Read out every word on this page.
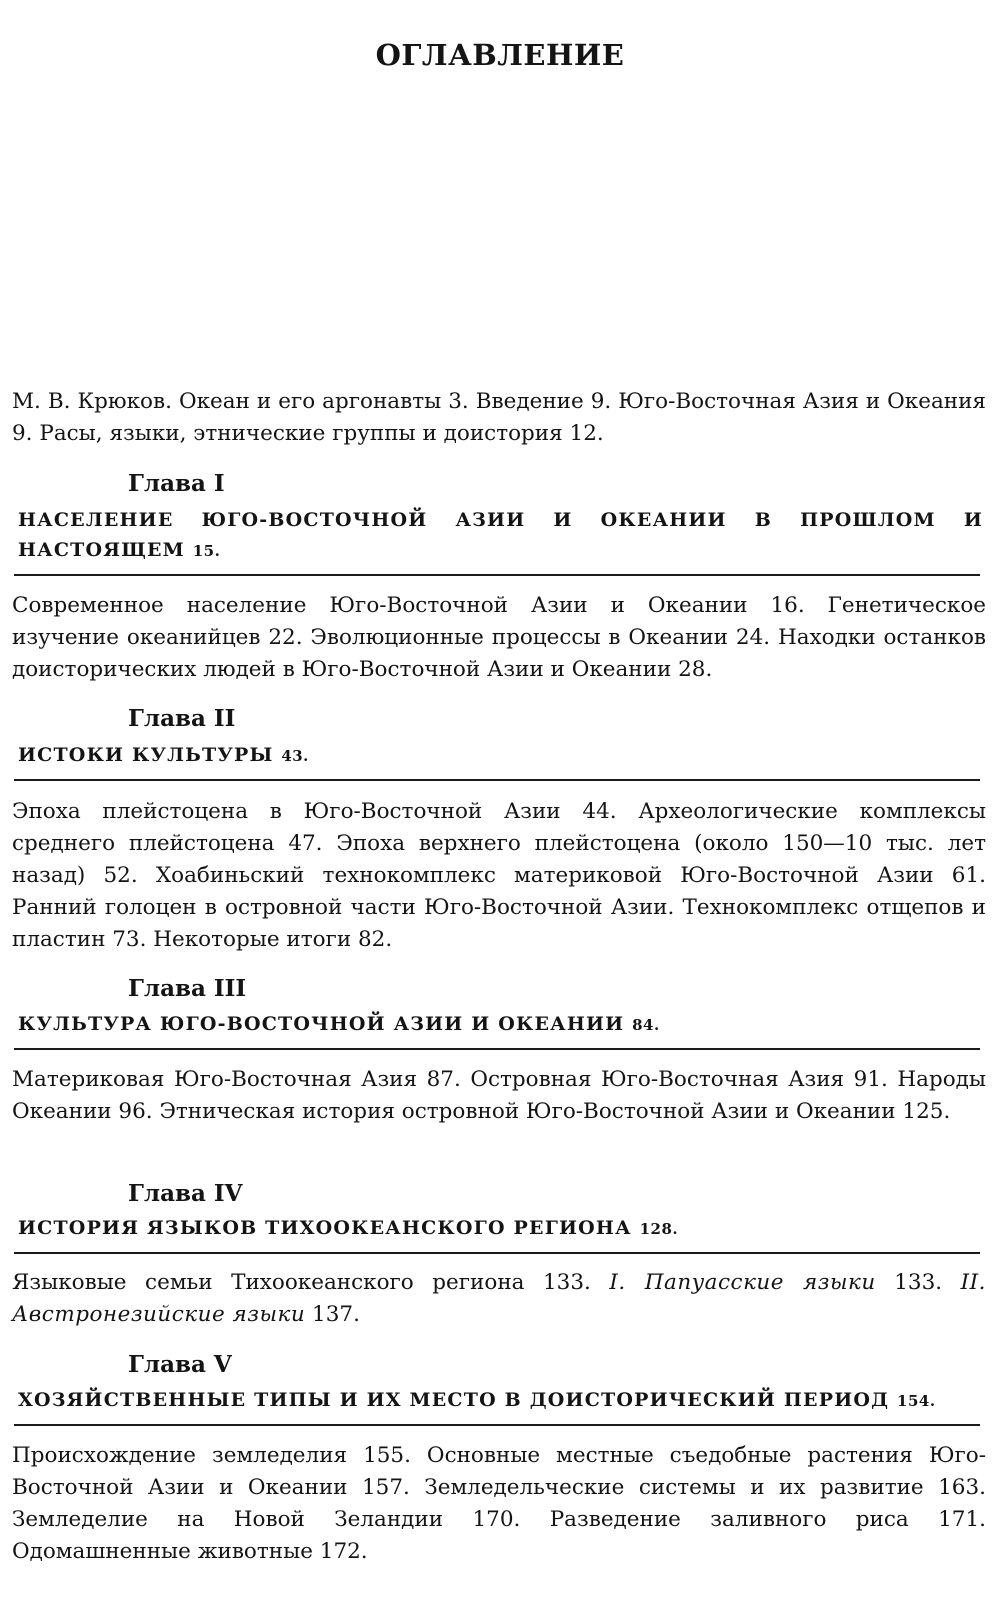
ОГЛАВЛЕНИЕ
М. В. Крюков. Океан и его аргонавты 3. Введение 9. Юго-Восточная Азия и Океания 9. Расы, языки, этнические группы и доистория 12.
Глава I
НАСЕЛЕНИЕ ЮГО-ВОСТОЧНОЙ АЗИИ И ОКЕАНИИ В ПРОШЛОМ И НАСТОЯЩЕМ 15.
Современное население Юго-Восточной Азии и Океании 16. Генетическое изучение океанийцев 22. Эволюционные процессы в Океании 24. Находки останков доисторических людей в Юго-Восточной Азии и Океании 28.
Глава II
ИСТОКИ КУЛЬТУРЫ 43.
Эпоха плейстоцена в Юго-Восточной Азии 44. Археологические комплексы среднего плейстоцена 47. Эпоха верхнего плейстоцена (около 150—10 тыс. лет назад) 52. Хоабиньский технокомплекс материковой Юго-Восточной Азии 61. Ранний голоцен в островной части Юго-Восточной Азии. Технокомплекс отщепов и пластин 73. Некоторые итоги 82.
Глава III
КУЛЬТУРА ЮГО-ВОСТОЧНОЙ АЗИИ И ОКЕАНИИ 84.
Материковая Юго-Восточная Азия 87. Островная Юго-Восточная Азия 91. Народы Океании 96. Этническая история островной Юго-Восточной Азии и Океании 125.
Глава IV
ИСТОРИЯ ЯЗЫКОВ ТИХООКЕАНСКОГО РЕГИОНА 128.
Языковые семьи Тихоокеанского региона 133. I. Папуасские языки 133. II. Австронезийские языки 137.
Глава V
ХОЗЯЙСТВЕННЫЕ ТИПЫ И ИХ МЕСТО В ДОИСТОРИЧЕСКИЙ ПЕРИОД 154.
Происхождение земледелия 155. Основные местные съедобные растения Юго-Восточной Азии и Океании 157. Земледельческие системы и их развитие 163. Земледелие на Новой Зеландии 170. Разведение заливного риса 171. Одомашненные животные 172.
